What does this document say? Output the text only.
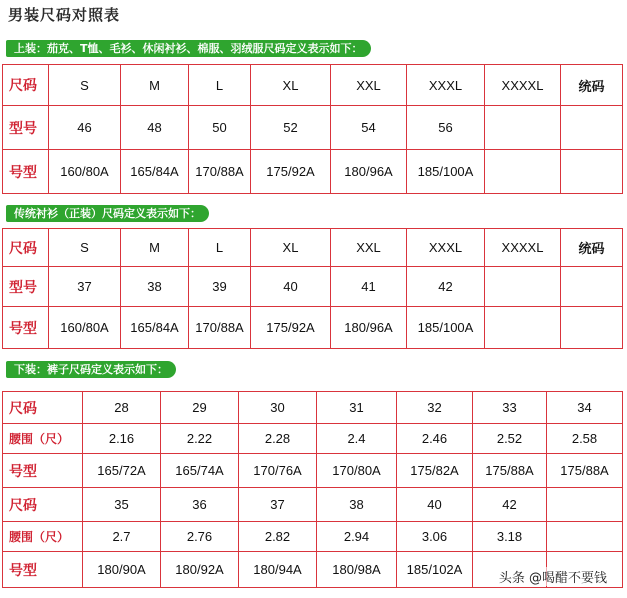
男装尺码对照表
上装：茄克、T恤、毛衫、休闲衬衫、棉服、羽绒服尺码定义表示如下：
尺码	S	M	L	XL	XXL	XXXL	XXXXL	统码
型号	46	48	50	52	54	56		
号型	160/80A	165/84A	170/88A	175/92A	180/96A	185/100A		
传统衬衫（正装）尺码定义表示如下：
尺码	S	M	L	XL	XXL	XXXL	XXXXL	统码
型号	37	38	39	40	41	42		
号型	160/80A	165/84A	170/88A	175/92A	180/96A	185/100A		
下装：裤子尺码定义表示如下：
尺码	28	29	30	31	32	33	34
腰围（尺）	2.16	2.22	2.28	2.4	2.46	2.52	2.58
号型	165/72A	165/74A	170/76A	170/80A	175/82A	175/88A	175/88A
尺码	35	36	37	38	40	42	
腰围（尺）	2.7	2.76	2.82	2.94	3.06	3.18	
号型	180/90A	180/92A	180/94A	180/98A	185/102A		
头条 @喝醋不要钱
